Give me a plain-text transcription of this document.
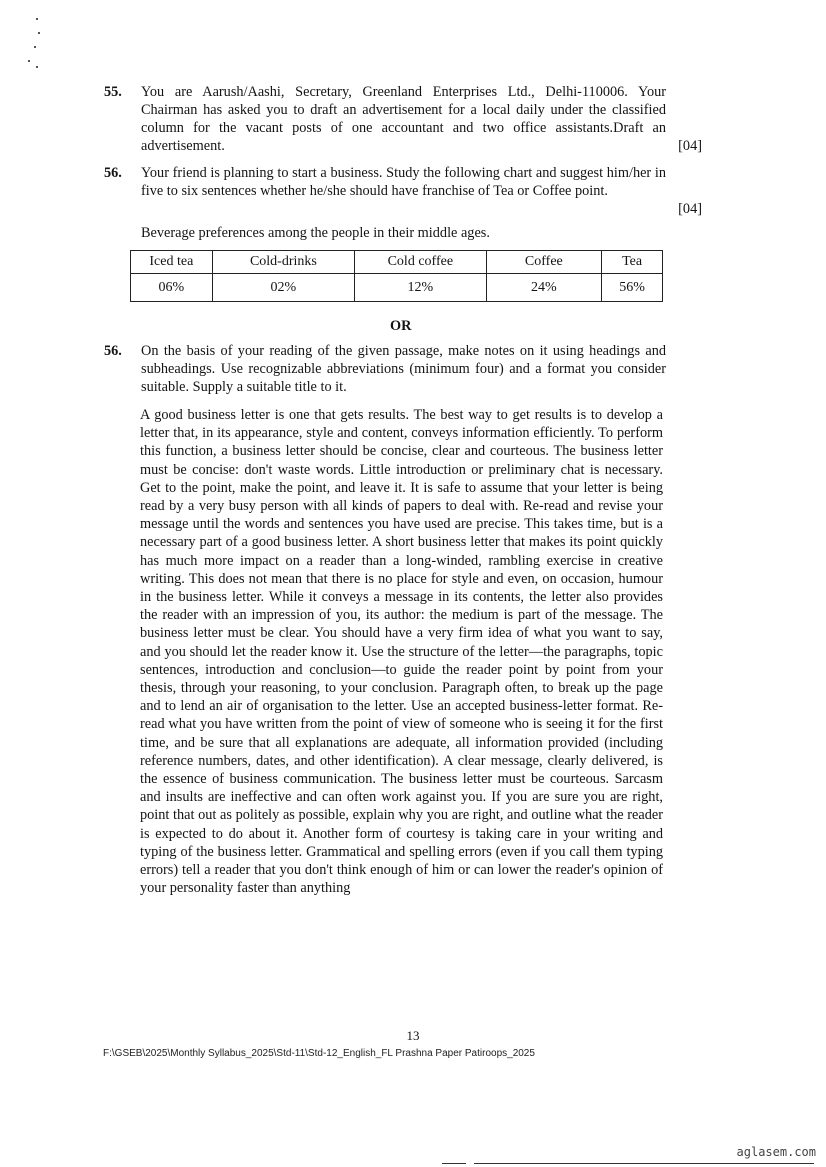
55. You are Aarush/Aashi, Secretary, Greenland Enterprises Ltd., Delhi-110006. Your Chairman has asked you to draft an advertisement for a local daily under the classified column for the vacant posts of one accountant and two office assistants.Draft an advertisement.	[04]
56. Your friend is planning to start a business. Study the following chart and suggest him/her in five to six sentences whether he/she should have franchise of Tea or Coffee point.
[04]
Beverage preferences among the people in their middle ages.
Iced tea	Cold-drinks	Cold coffee	Coffee	Tea
06%	02%	12%	24%	56%
OR
56. On the basis of your reading of the given passage, make notes on it using headings and subheadings. Use recognizable abbreviations (minimum four) and a format you consider suitable. Supply a suitable title to it.
A good business letter is one that gets results. The best way to get results is to develop a letter that, in its appearance, style and content, conveys information efficiently. To perform this function, a business letter should be concise, clear and courteous. The business letter must be concise: don't waste words. Little introduction or preliminary chat is necessary. Get to the point, make the point, and leave it. It is safe to assume that your letter is being read by a very busy person with all kinds of papers to deal with. Re-read and revise your message until the words and sentences you have used are precise. This takes time, but is a necessary part of a good business letter. A short business letter that makes its point quickly has much more impact on a reader than a long-winded, rambling exercise in creative writing. This does not mean that there is no place for style and even, on occasion, humour in the business letter. While it conveys a message in its contents, the letter also provides the reader with an impression of you, its author: the medium is part of the message. The business letter must be clear. You should have a very firm idea of what you want to say, and you should let the reader know it. Use the structure of the letter—the paragraphs, topic sentences, introduction and conclusion—to guide the reader point by point from your thesis, through your reasoning, to your conclusion. Paragraph often, to break up the page and to lend an air of organisation to the letter. Use an accepted business-letter format. Re-read what you have written from the point of view of someone who is seeing it for the first time, and be sure that all explanations are adequate, all information provided (including reference numbers, dates, and other identification). A clear message, clearly delivered, is the essence of business communication. The business letter must be courteous. Sarcasm and insults are ineffective and can often work against you. If you are sure you are right, point that out as politely as possible, explain why you are right, and outline what the reader is expected to do about it. Another form of courtesy is taking care in your writing and typing of the business letter. Grammatical and spelling errors (even if you call them typing errors) tell a reader that you don't think enough of him or can lower the reader's opinion of your personality faster than anything
13
F:\GSEB\2025\Monthly Syllabus_2025\Std-11\Std-12_English_FL Prashna Paper Patiroops_2025
aglasem.com
